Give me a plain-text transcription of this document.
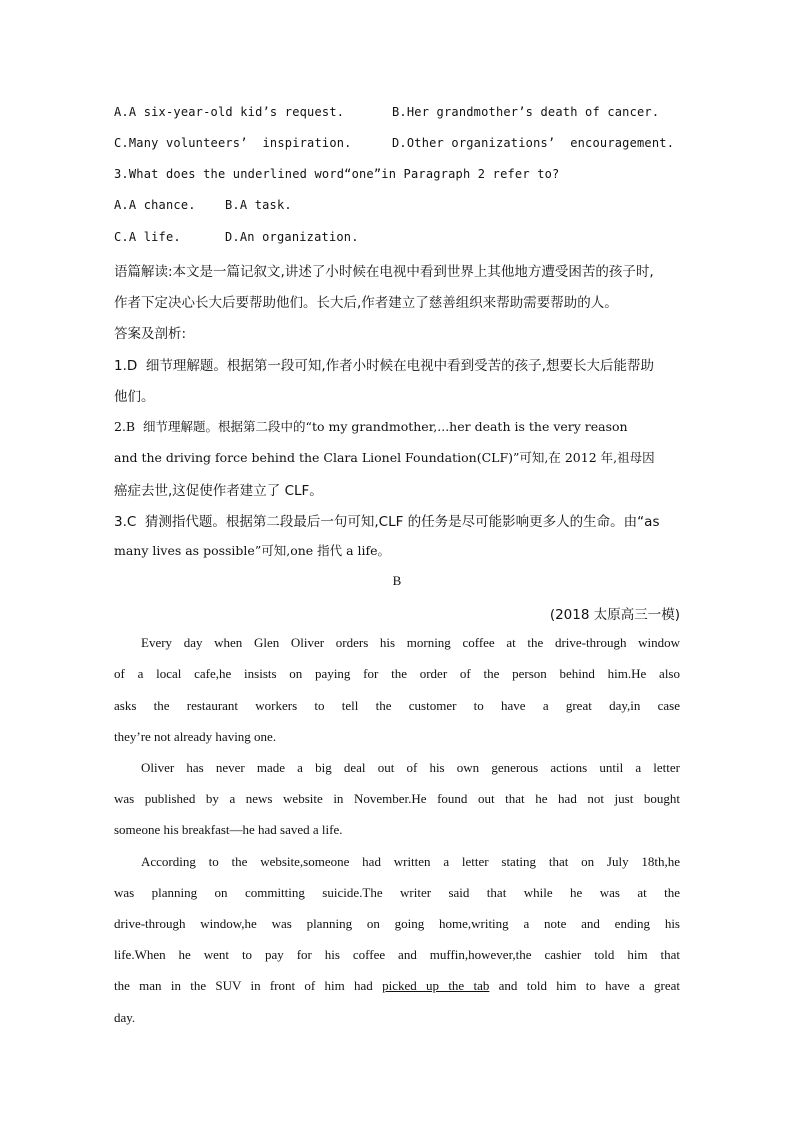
A.A six-year-old kid’s request.	B.Her grandmother’s death of cancer.
C.Many volunteers’  inspiration.	D.Other organizations’  encouragement.
3.What does the underlined word“one”in Paragraph 2 refer to?
A.A chance.	B.A task.
C.A life.	D.An organization.
语篇解读:本文是一篇记叙文,讲述了小时候在电视中看到世界上其他地方遭受困苦的孩子时,
作者下定决心长大后要帮助他们。长大后,作者建立了慈善组织来帮助需要帮助的人。
答案及剖析:
1.D  细节理解题。根据第一段可知,作者小时候在电视中看到受苦的孩子,想要长大后能帮助
他们。
2.B  细节理解题。根据第二段中的“to my grandmother,...her death is the very reason
and the driving force behind the Clara Lionel Foundation(CLF)”可知,在 2012 年,祖母因
癌症去世,这促使作者建立了 CLF。
3.C  猜测指代题。根据第二段最后一句可知,CLF 的任务是尽可能影响更多人的生命。由“as
many lives as possible”可知,one 指代 a life。
B
(2018 太原高三一模)
Every day when Glen Oliver orders his morning coffee at the drive-through window
of a local cafe,he insists on paying for the order of the person behind him.He also
asks the restaurant workers to tell the customer to have a great day,in case
they’re not already having one.
Oliver has never made a big deal out of his own generous actions until a letter
was published by a news website in November.He found out that he had not just bought
someone his breakfast—he had saved a life.
According to the website,someone had written a letter stating that on July 18th,he
was planning on committing suicide.The writer said that while he was at the
drive-through window,he was planning on going home,writing a note and ending his
life.When he went to pay for his coffee and muffin,however,the cashier told him that
the man in the SUV in front of him had picked up the tab and told him to have a great
day.
